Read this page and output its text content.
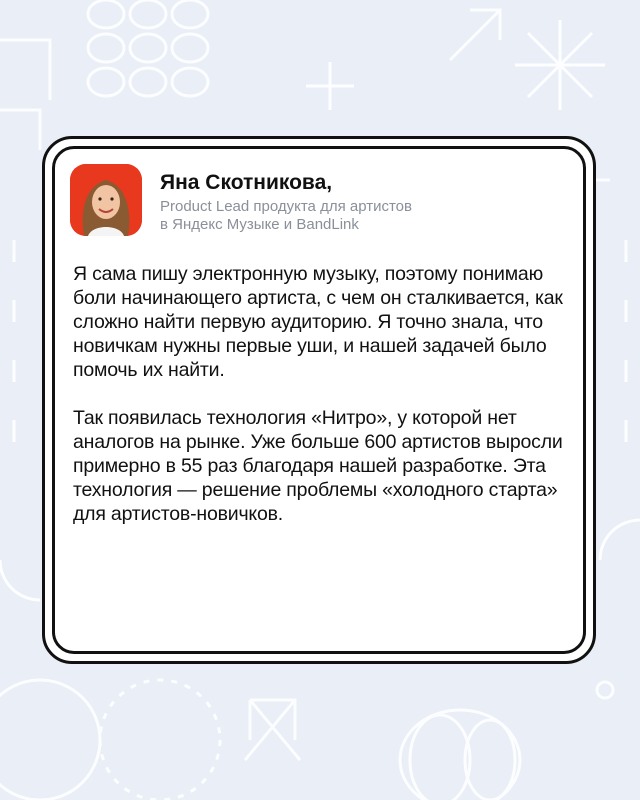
Яна Скотникова,

Product Lead продукта для артистов
в Яндекс Музыке и BandLink

Я сама пишу электронную музыку, поэтому понимаю боли начинающего артиста, с чем он сталкивается, как сложно найти первую аудиторию. Я точно знала, что новичкам нужны первые уши, и нашей задачей было помочь их найти.

Так появилась технология «Нитро», у которой нет аналогов на рынке. Уже больше 600 артистов выросли примерно в 55 раз благодаря нашей разработке. Эта технология — решение проблемы «холодного старта» для артистов-новичков.
